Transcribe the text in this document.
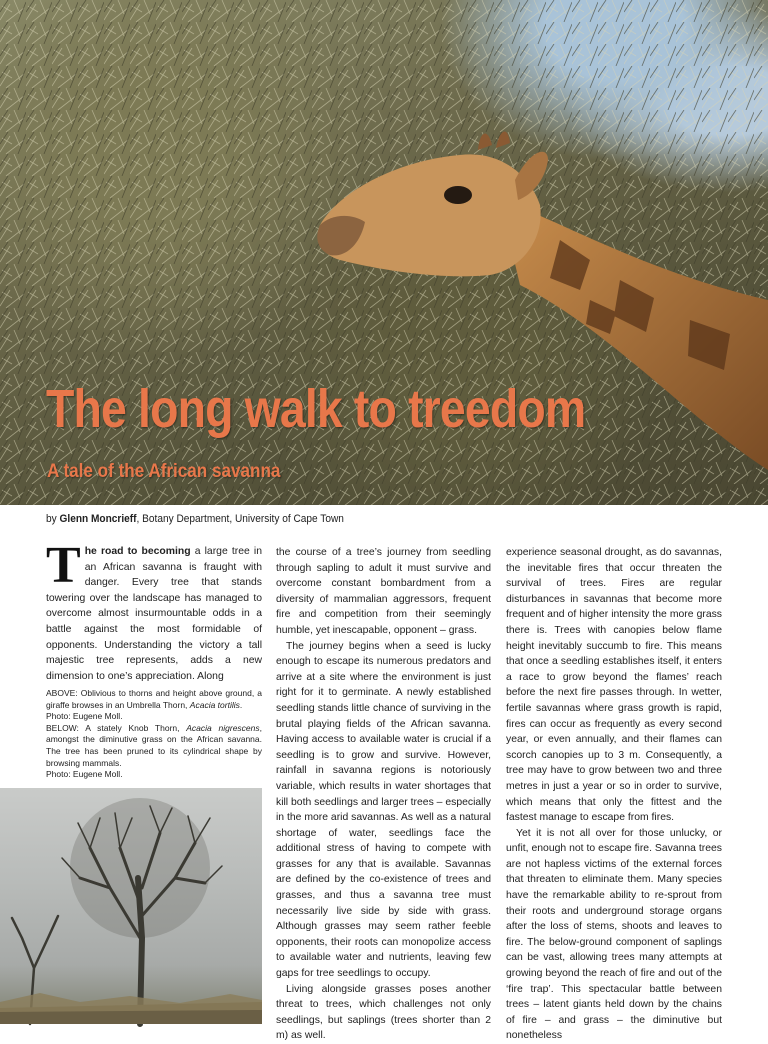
The long walk to treedom
A tale of the African savanna
by Glenn Moncrieff, Botany Department, University of Cape Town

The road to becoming a large tree in an African savanna is fraught with danger. Every tree that stands towering over the landscape has managed to overcome almost insurmountable odds in a battle against the most formidable of opponents. Understanding the victory a tall majestic tree represents, adds a new dimension to one’s appreciation. Along

ABOVE: Oblivious to thorns and height above ground, a giraffe browses in an Umbrella Thorn, Acacia tortilis.

Photo: Eugene Moll.

BELOW: A stately Knob Thorn, Acacia nigrescens, amongst the diminutive grass on the African savanna. The tree has been pruned to its cylindrical shape by browsing mammals.

Photo: Eugene Moll.

the course of a tree’s journey from seedling through sapling to adult it must survive and overcome constant bombardment from a diversity of mammalian aggressors, frequent fire and competition from their seemingly humble, yet inescapable, opponent – grass.

The journey begins when a seed is lucky enough to escape its numerous predators and arrive at a site where the environment is just right for it to germinate. A newly established seedling stands little chance of surviving in the brutal playing fields of the African savanna. Having access to available water is crucial if a seedling is to grow and survive. However, rainfall in savanna regions is notoriously variable, which results in water shortages that kill both seedlings and larger trees – especially in the more arid savannas. As well as a natural shortage of water, seedlings face the additional stress of having to compete with grasses for any that is available. Savannas are defined by the co-existence of trees and grasses, and thus a savanna tree must necessarily live side by side with grass. Although grasses may seem rather feeble opponents, their roots can monopolize access to available water and nutrients, leaving few gaps for tree seedlings to occupy.

Living alongside grasses poses another threat to trees, which challenges not only seedlings, but saplings (trees shorter than 2 m) as well.

experience seasonal drought, as do savannas, the inevitable fires that occur threaten the survival of trees. Fires are regular disturbances in savannas that become more frequent and of higher intensity the more grass there is. Trees with canopies below flame height inevitably succumb to fire. This means that once a seedling establishes itself, it enters a race to grow beyond the flames’ reach before the next fire passes through. In wetter, fertile savannas where grass growth is rapid, fires can occur as frequently as every second year, or even annually, and their flames can scorch canopies up to 3 m. Consequently, a tree may have to grow between two and three metres in just a year or so in order to survive, which means that only the fittest and the fastest manage to escape from fires.

Yet it is not all over for those unlucky, or unfit, enough not to escape fire. Savanna trees are not hapless victims of the external forces that threaten to eliminate them. Many species have the remarkable ability to re-sprout from their roots and underground storage organs after the loss of stems, shoots and leaves to fire. The below-ground component of saplings can be vast, allowing trees many attempts at growing beyond the reach of fire and out of the ‘fire trap’. This spectacular battle between trees – latent giants held down by the chains of fire – and grass – the diminutive but nonetheless
